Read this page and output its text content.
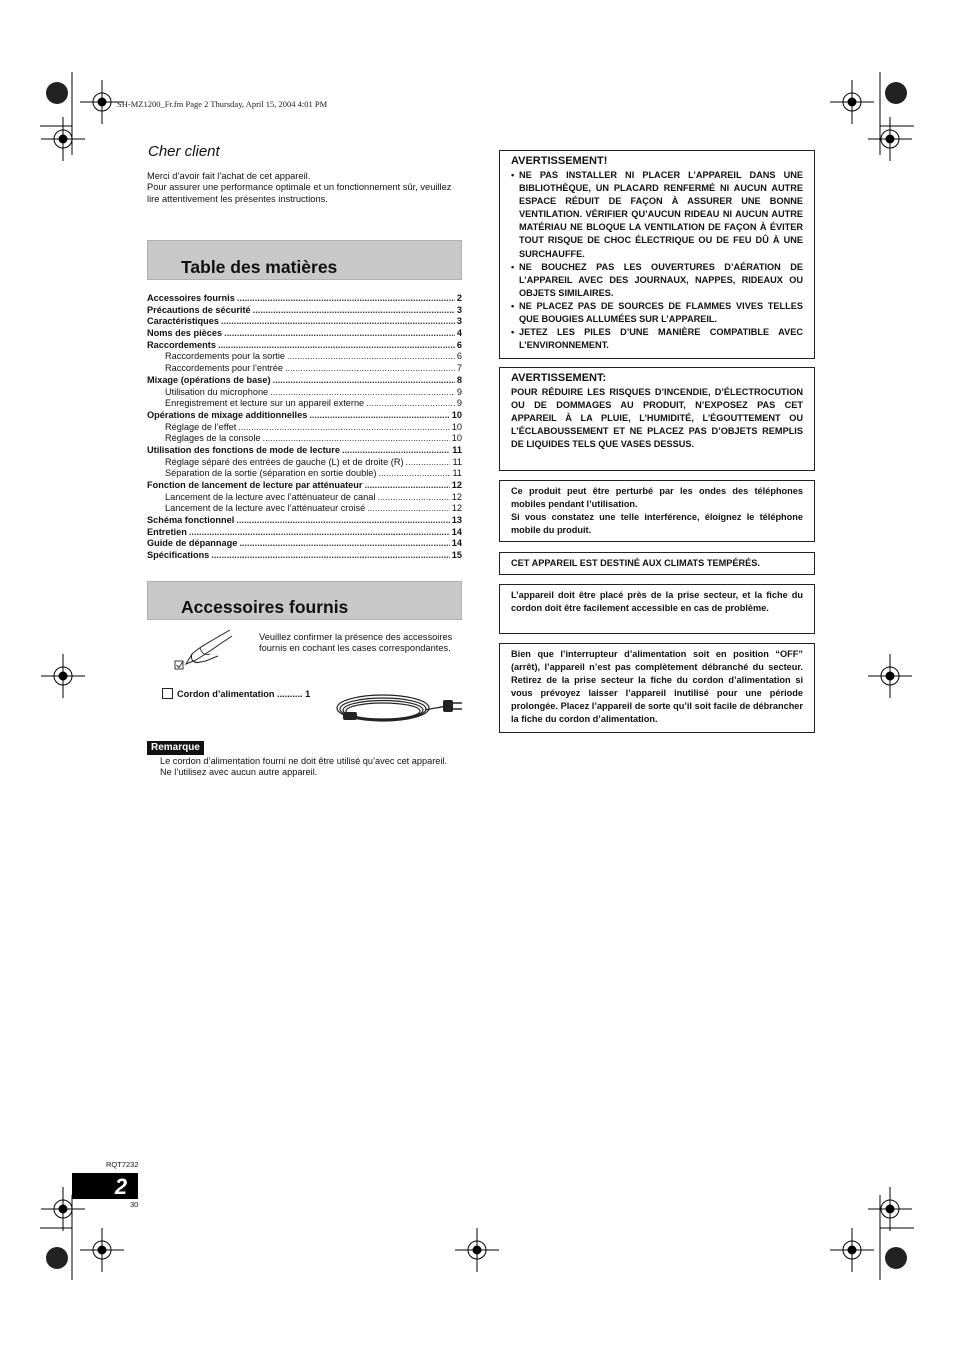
SH-MZ1200_Fr.fm Page 2 Thursday, April 15, 2004 4:01 PM
Cher client

Merci d’avoir fait l’achat de cet appareil.

Pour assurer une performance optimale et un fonctionnement sûr, veuillez lire attentivement les présentes instructions.

Table des matières
Accessoires fournis .....	2
Précautions de sécurité .....	3
Caractéristiques .....	3
Noms des pièces .....	4
Raccordements .....	6
Raccordements pour la sortie .....	6
Raccordements pour l’entrée .....	7
Mixage (opérations de base) .....	8
Utilisation du microphone .....	9
Enregistrement et lecture sur un appareil externe .....	9
Opérations de mixage additionnelles .....	10
Réglage de l’effet .....	10
Réglages de la console .....	10
Utilisation des fonctions de mode de lecture .....	11
Réglage séparé des entrées de gauche (L) et de droite (R) .....	11
Séparation de la sortie (séparation en sortie double) .....	11
Fonction de lancement de lecture par atténuateur .....	12
Lancement de la lecture avec l’atténuateur de canal .....	12
Lancement de la lecture avec l’atténuateur croisé .....	12
Schéma fonctionnel .....	13
Entretien .....	14
Guide de dépannage .....	14
Spécifications .....	15
Accessoires fournis
Veuillez confirmer la présence des accessoires fournis en cochant les cases correspondantes.
Cordon d’alimentation .......... 1
Remarque

Le cordon d’alimentation fourni ne doit être utilisé qu’avec cet appareil.

Ne l’utilisez avec aucun autre appareil.

AVERTISSEMENT!
• NE PAS INSTALLER NI PLACER L’APPAREIL DANS UNE BIBLIOTHÈQUE, UN PLACARD RENFERMÉ NI AUCUN AUTRE ESPACE RÉDUIT DE FAÇON À ASSURER UNE BONNE VENTILATION. VÉRIFIER QU’AUCUN RIDEAU NI AUCUN AUTRE MATÉRIAU NE BLOQUE LA VENTILATION DE FAÇON À ÉVITER TOUT RISQUE DE CHOC ÉLECTRIQUE OU DE FEU DÛ À UNE SURCHAUFFE.
• NE BOUCHEZ PAS LES OUVERTURES D’AÉRATION DE L’APPAREIL AVEC DES JOURNAUX, NAPPES, RIDEAUX OU OBJETS SIMILAIRES.
• NE PLACEZ PAS DE SOURCES DE FLAMMES VIVES TELLES QUE BOUGIES ALLUMÉES SUR L’APPAREIL.
• JETEZ LES PILES D’UNE MANIÈRE COMPATIBLE AVEC L’ENVIRONNEMENT.
AVERTISSEMENT:

POUR RÉDUIRE LES RISQUES D’INCENDIE, D’ÉLECTROCUTION OU DE DOMMAGES AU PRODUIT, N’EXPOSEZ PAS CET APPAREIL À LA PLUIE, L’HUMIDITÉ, L’ÉGOUTTEMENT OU L’ÉCLABOUSSEMENT ET NE PLACEZ PAS D’OBJETS REMPLIS DE LIQUIDES TELS QUE VASES DESSUS.

Ce produit peut être perturbé par les ondes des téléphones mobiles pendant l’utilisation.

Si vous constatez une telle interférence, éloignez le téléphone mobile du produit.

CET APPAREIL EST DESTINÉ AUX CLIMATS TEMPÉRÉS.

L’appareil doit être placé près de la prise secteur, et la fiche du cordon doit être facilement accessible en cas de problème.

Bien que l’interrupteur d’alimentation soit en position “OFF” (arrêt), l’appareil n’est pas complètement débranché du secteur. Retirez de la prise secteur la fiche du cordon d’alimentation si vous prévoyez laisser l’appareil inutilisé pour une période prolongée. Placez l’appareil de sorte qu’il soit facile de débrancher la fiche du cordon d’alimentation.

RQT7232
2
30
